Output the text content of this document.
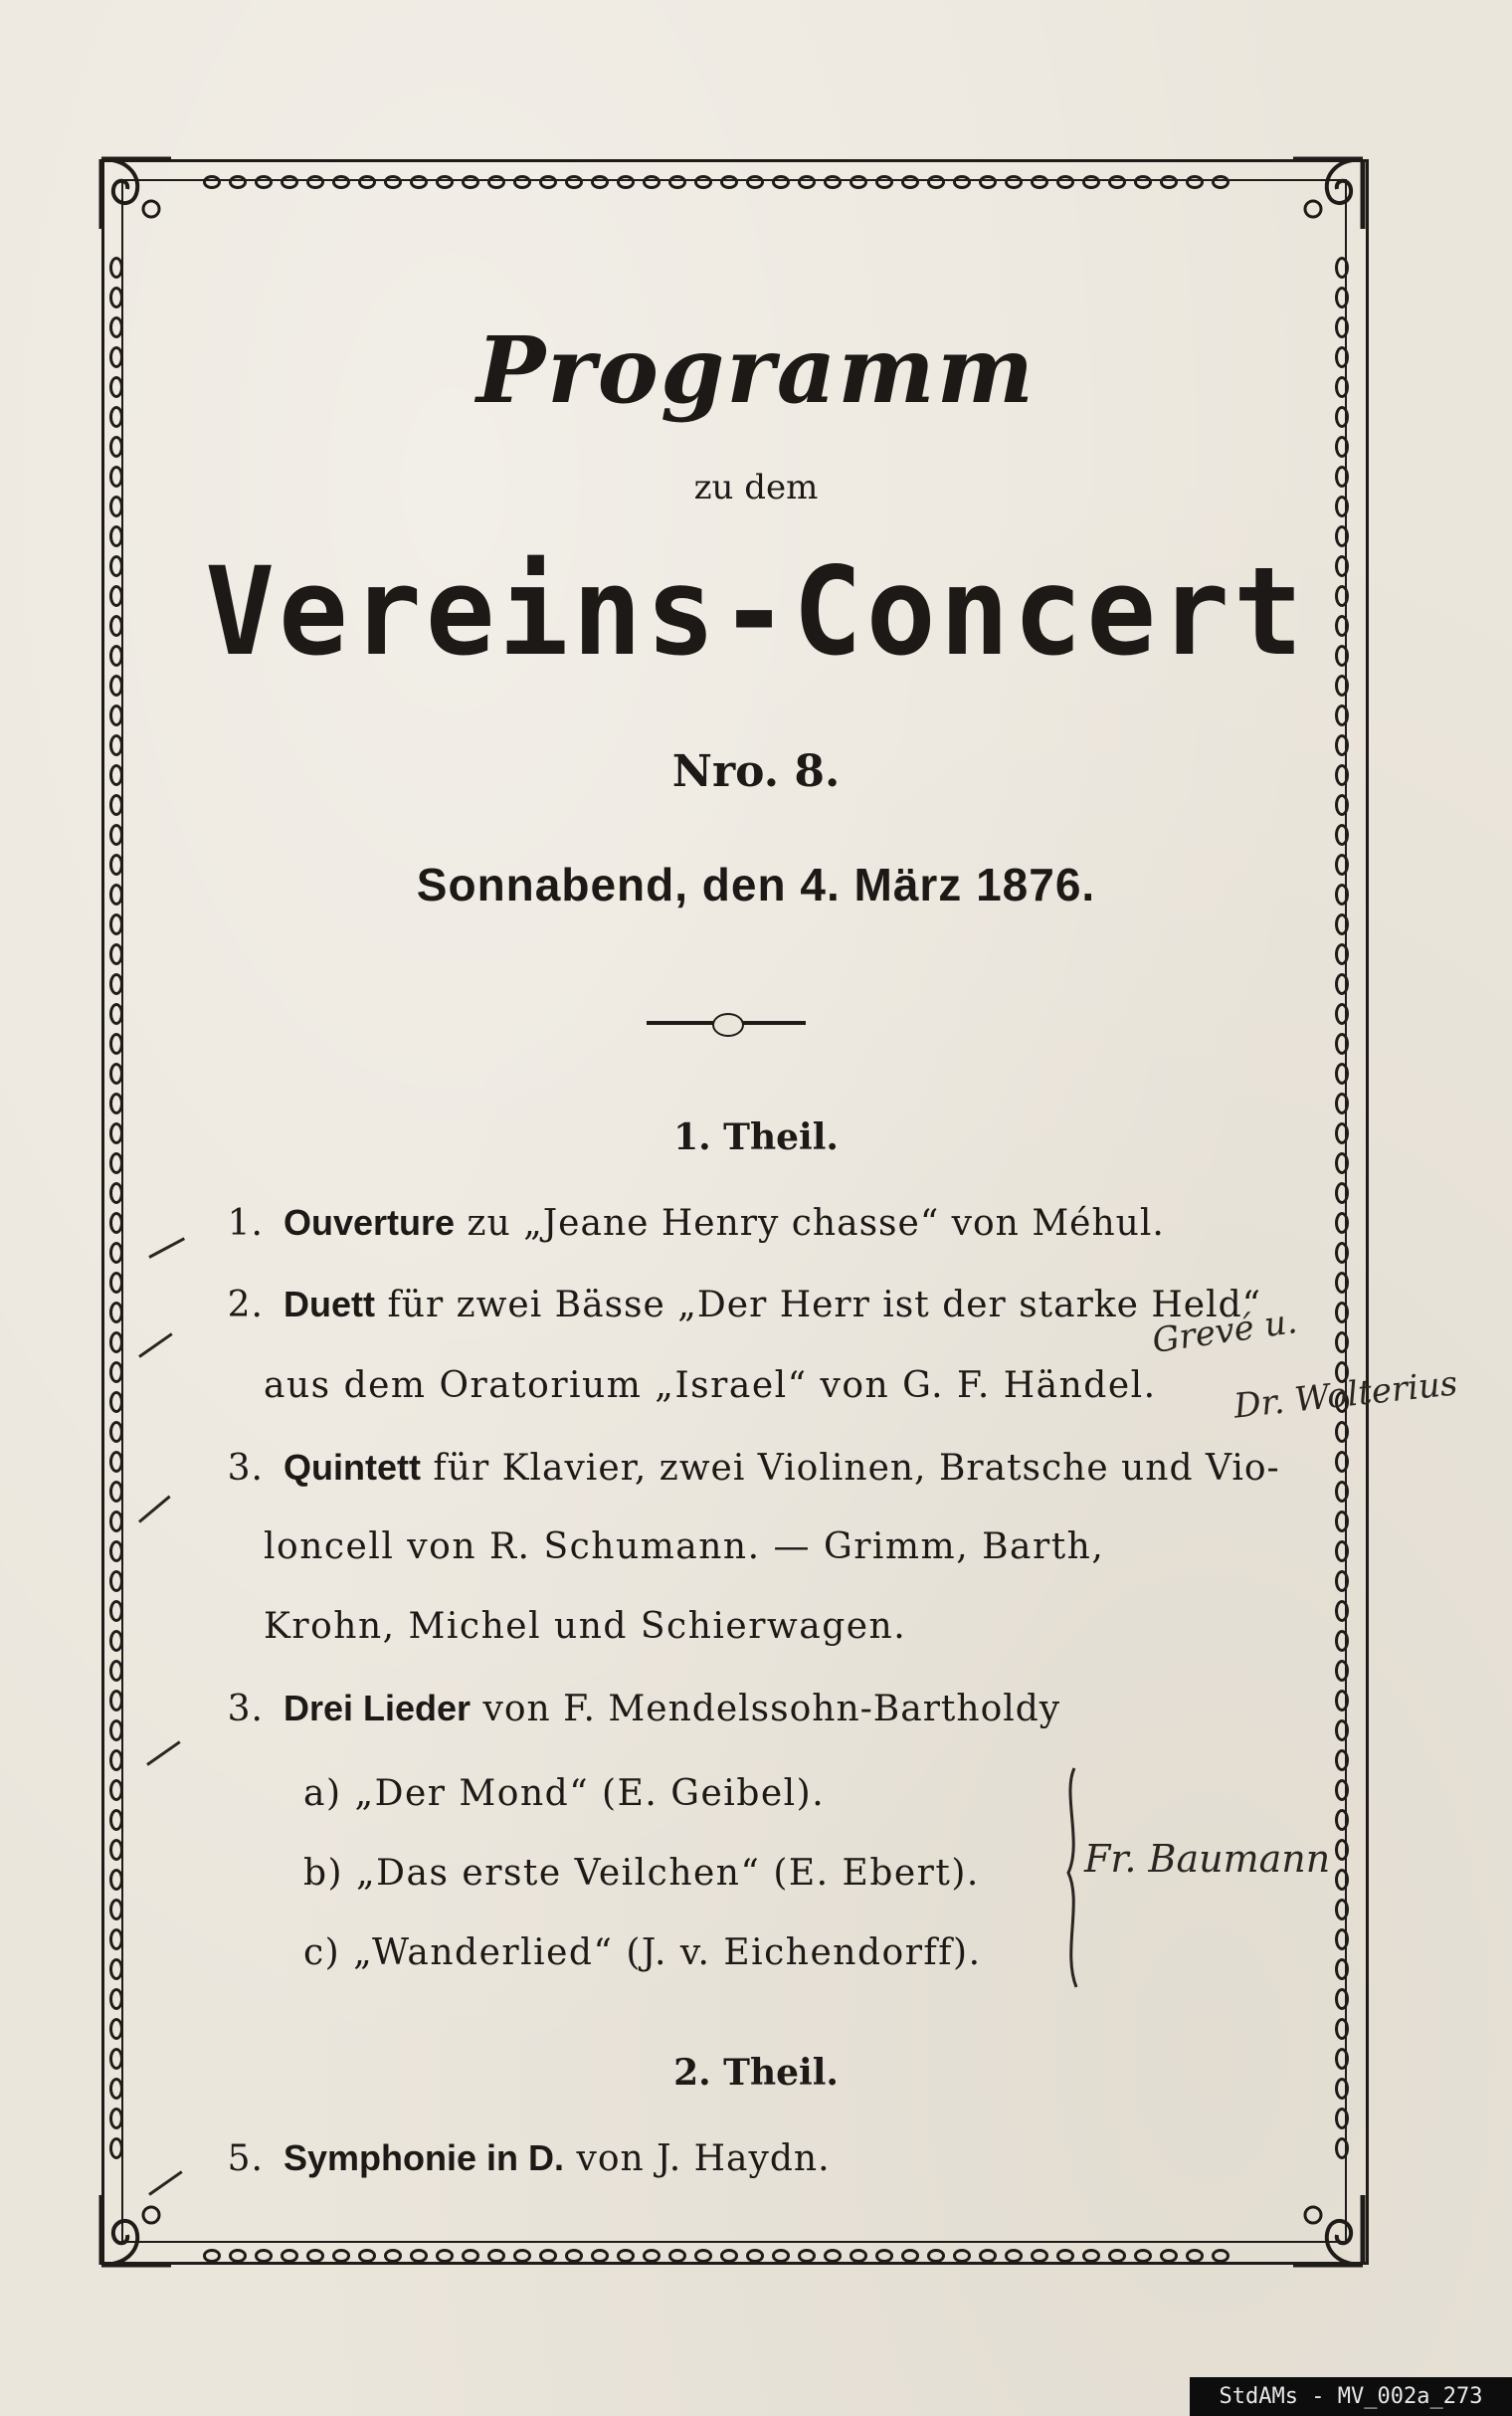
Programm
zu dem
Vereins-Concert
Nro. 8.
Sonnabend, den 4. März 1876.
1. Theil.
1. Ouverture zu „Jeane Henry chasse“ von Méhul.
2. Duett für zwei Bässe „Der Herr ist der starke Held“
aus dem Oratorium „Israel“ von G. F. Händel.
3. Quintett für Klavier, zwei Violinen, Bratsche und Vio-
loncell von R. Schumann. — Grimm, Barth,
Krohn, Michel und Schierwagen.
3. Drei Lieder von F. Mendelssohn-Bartholdy
a) „Der Mond“ (E. Geibel).
b) „Das erste Veilchen“ (E. Ebert).
c) „Wanderlied“ (J. v. Eichendorff).
2. Theil.
5. Symphonie in D. von J. Haydn.
Grevé u.
Dr. Wolterius
Fr. Baumann
StdAMs - MV_002a_273
